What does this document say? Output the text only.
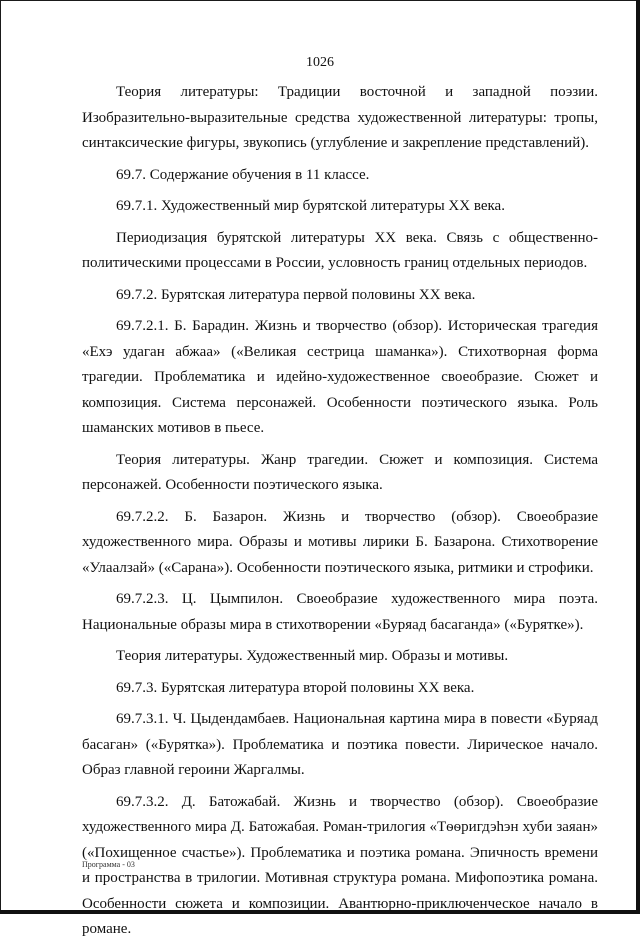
1026

Теория литературы: Традиции восточной и западной поэзии. Изобразительно-выразительные средства художественной литературы: тропы, синтаксические фигуры, звукопись (углубление и закрепление представлений).

69.7. Содержание обучения в 11 классе.

69.7.1. Художественный мир бурятской литературы XX века.

Периодизация бурятской литературы XX века. Связь с общественно-политическими процессами в России, условность границ отдельных периодов.

69.7.2. Бурятская литература первой половины XX века.

69.7.2.1. Б. Барадин. Жизнь и творчество (обзор). Историческая трагедия «Ехэ удаган абжаа» («Великая сестрица шаманка»). Стихотворная форма трагедии. Проблематика и идейно-художественное своеобразие. Сюжет и композиция. Система персонажей. Особенности поэтического языка. Роль шаманских мотивов в пьесе.

Теория литературы. Жанр трагедии. Сюжет и композиция. Система персонажей. Особенности поэтического языка.

69.7.2.2. Б. Базарон. Жизнь и творчество (обзор). Своеобразие художественного мира. Образы и мотивы лирики Б. Базарона. Стихотворение «Улаалзай» («Сарана»). Особенности поэтического языка, ритмики и строфики.

69.7.2.3. Ц. Цымпилон. Своеобразие художественного мира поэта. Национальные образы мира в стихотворении «Буряад басаганда» («Бурятке»).

Теория литературы. Художественный мир. Образы и мотивы.

69.7.3. Бурятская литература второй половины XX века.

69.7.3.1. Ч. Цыдендамбаев. Национальная картина мира в повести «Буряад басаган» («Бурятка»). Проблематика и поэтика повести. Лирическое начало. Образ главной героини Жаргалмы.

69.7.3.2. Д. Батожабай. Жизнь и творчество (обзор). Своеобразие художественного мира Д. Батожабая. Роман-трилогия «Тѳѳригдэhэн хуби заяан» («Похищенное счастье»). Проблематика и поэтика романа. Эпичность времени и пространства в трилогии. Мотивная структура романа. Мифопоэтика романа. Особенности сюжета и композиции. Авантюрно-приключенческое начало в романе.

Программа - 03
